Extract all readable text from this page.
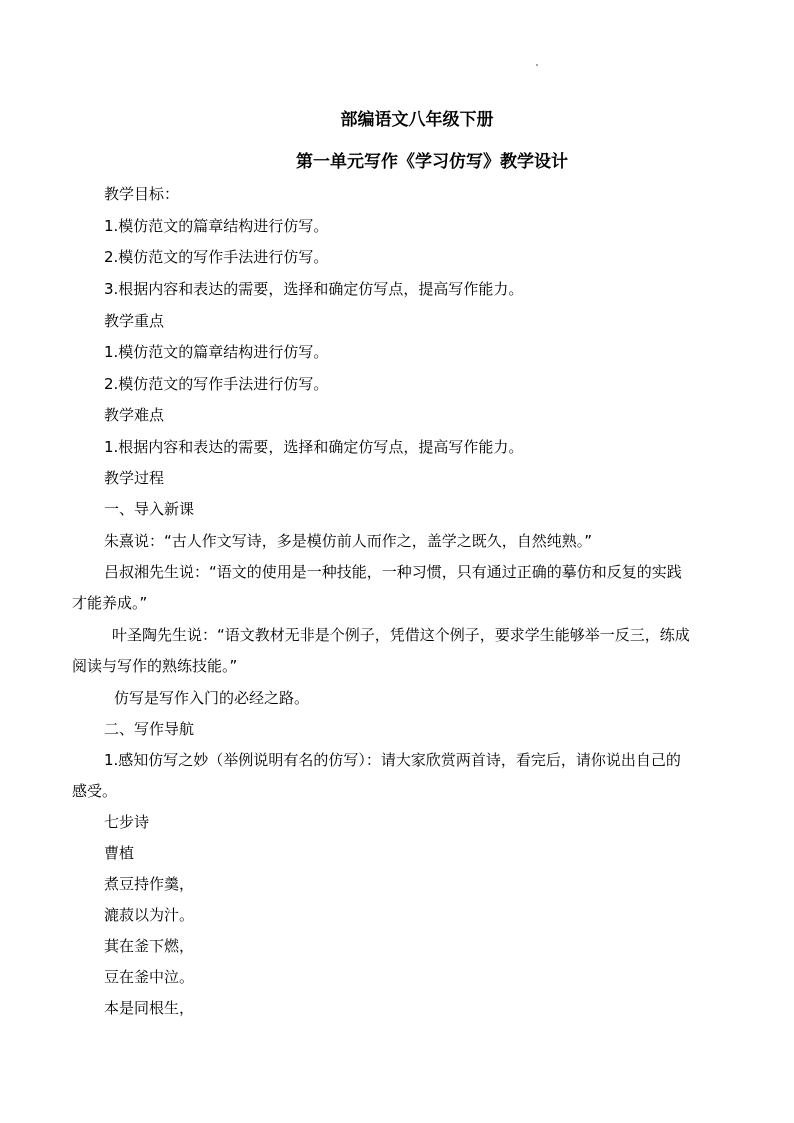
部编语文八年级下册
第一单元写作《学习仿写》教学设计
教学目标：
1.模仿范文的篇章结构进行仿写。
2.模仿范文的写作手法进行仿写。
3.根据内容和表达的需要，选择和确定仿写点，提高写作能力。
教学重点
1.模仿范文的篇章结构进行仿写。
2.模仿范文的写作手法进行仿写。
教学难点
1.根据内容和表达的需要，选择和确定仿写点，提高写作能力。
教学过程
一、导入新课
朱熹说：“古人作文写诗，多是模仿前人而作之，盖学之既久，自然纯熟。”
吕叔湘先生说：“语文的使用是一种技能，一种习惯，只有通过正确的摹仿和反复的实践
才能养成。”
叶圣陶先生说：“语文教材无非是个例子，凭借这个例子，要求学生能够举一反三，练成
阅读与写作的熟练技能。”
仿写是写作入门的必经之路。
二、写作导航
1.感知仿写之妙（举例说明有名的仿写）：请大家欣赏两首诗，看完后，请你说出自己的
感受。
七步诗
曹植
煮豆持作羹，
漉菽以为汁。
萁在釜下燃，
豆在釜中泣。
本是同根生，
